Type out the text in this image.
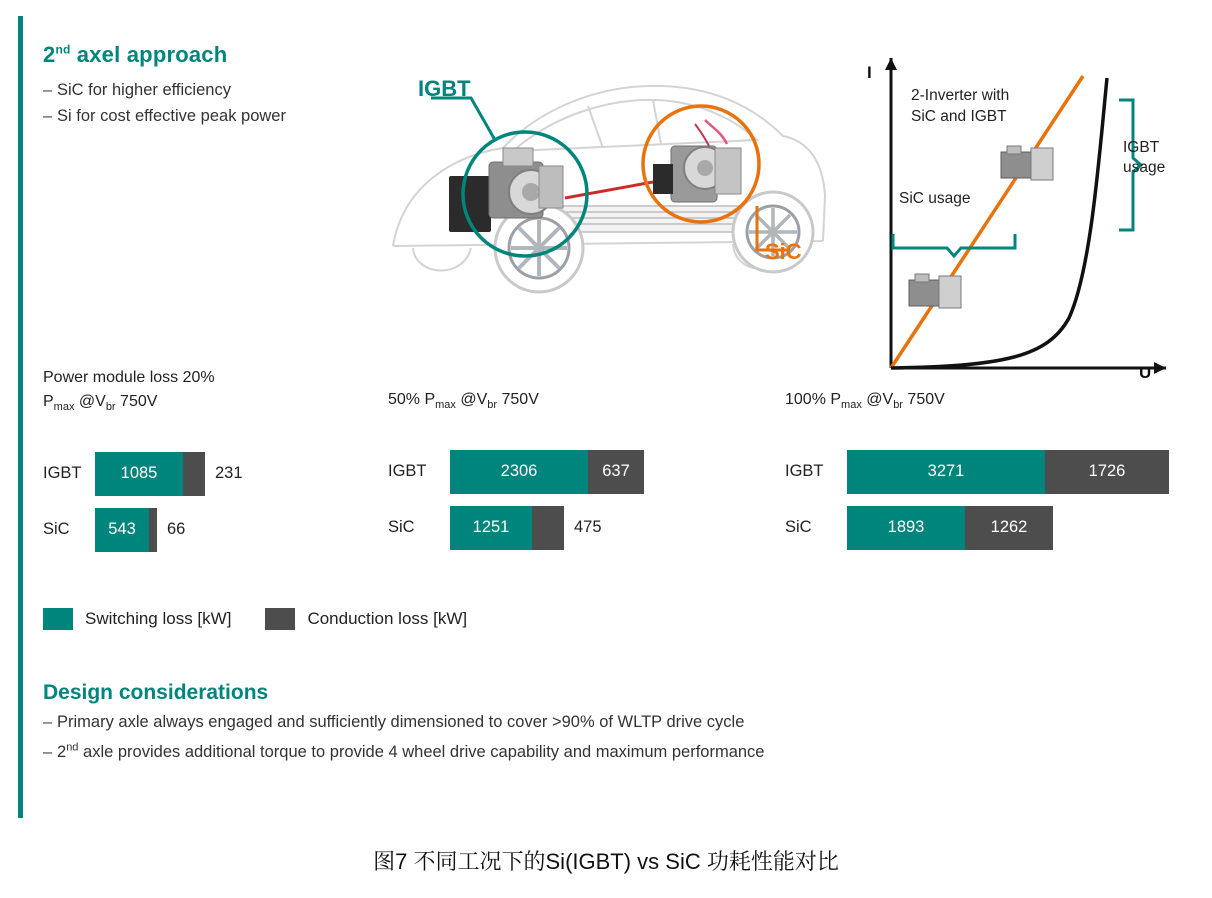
2nd axel approach
– SiC for higher efficiency
– Si for cost effective peak power
IGBT
SiC
I
U
2-Inverter with
SiC and IGBT
SiC usage
IGBT
usage
Power module loss 20%
$P_{max}$ $@V_{br}$ 750V
IGBT	1085	231
SiC	543	66
50% $P_{max}$ $@V_{br}$ 750V
IGBT	2306	637
SiC	1251	475
100% $P_{max}$ $@V_{br}$ 750V
IGBT	3271	1726
SiC	1893	1262
Switching loss [kW]	Conduction loss [kW]
Design considerations
– Primary axle always engaged and sufficiently dimensioned to cover >90% of WLTP drive cycle
– 2nd axle provides additional torque to provide 4 wheel drive capability and maximum performance
图7 不同工况下的Si(IGBT) vs SiC 功耗性能对比
